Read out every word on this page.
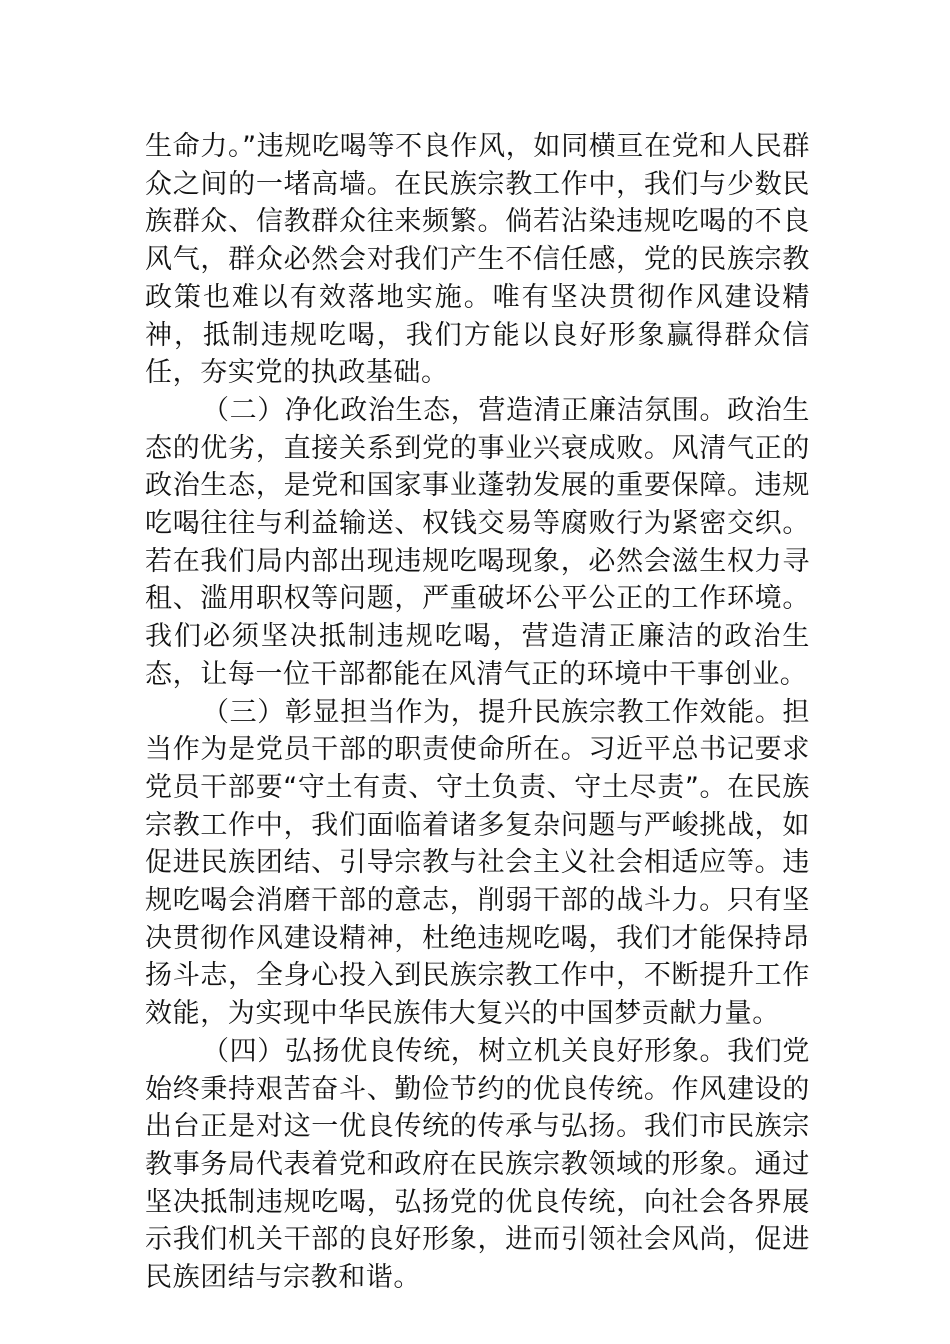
生命力。”违规吃喝等不良作风，如同横亘在党和人民群众之间的一堵高墙。在民族宗教工作中，我们与少数民族群众、信教群众往来频繁。倘若沾染违规吃喝的不良风气，群众必然会对我们产生不信任感，党的民族宗教政策也难以有效落地实施。唯有坚决贯彻作风建设精神，抵制违规吃喝，我们方能以良好形象赢得群众信任，夯实党的执政基础。

（二）净化政治生态，营造清正廉洁氛围。政治生态的优劣，直接关系到党的事业兴衰成败。风清气正的政治生态，是党和国家事业蓬勃发展的重要保障。违规吃喝往往与利益输送、权钱交易等腐败行为紧密交织。若在我们局内部出现违规吃喝现象，必然会滋生权力寻租、滥用职权等问题，严重破坏公平公正的工作环境。我们必须坚决抵制违规吃喝，营造清正廉洁的政治生态，让每一位干部都能在风清气正的环境中干事创业。

（三）彰显担当作为，提升民族宗教工作效能。担当作为是党员干部的职责使命所在。习近平总书记要求党员干部要“守土有责、守土负责、守土尽责”。在民族宗教工作中，我们面临着诸多复杂问题与严峻挑战，如促进民族团结、引导宗教与社会主义社会相适应等。违规吃喝会消磨干部的意志，削弱干部的战斗力。只有坚决贯彻作风建设精神，杜绝违规吃喝，我们才能保持昂扬斗志，全身心投入到民族宗教工作中，不断提升工作效能，为实现中华民族伟大复兴的中国梦贡献力量。

（四）弘扬优良传统，树立机关良好形象。我们党始终秉持艰苦奋斗、勤俭节约的优良传统。作风建设的出台正是对这一优良传统的传承与弘扬。我们市民族宗教事务局代表着党和政府在民族宗教领域的形象。通过坚决抵制违规吃喝，弘扬党的优良传统，向社会各界展示我们机关干部的良好形象，进而引领社会风尚，促进民族团结与宗教和谐。
